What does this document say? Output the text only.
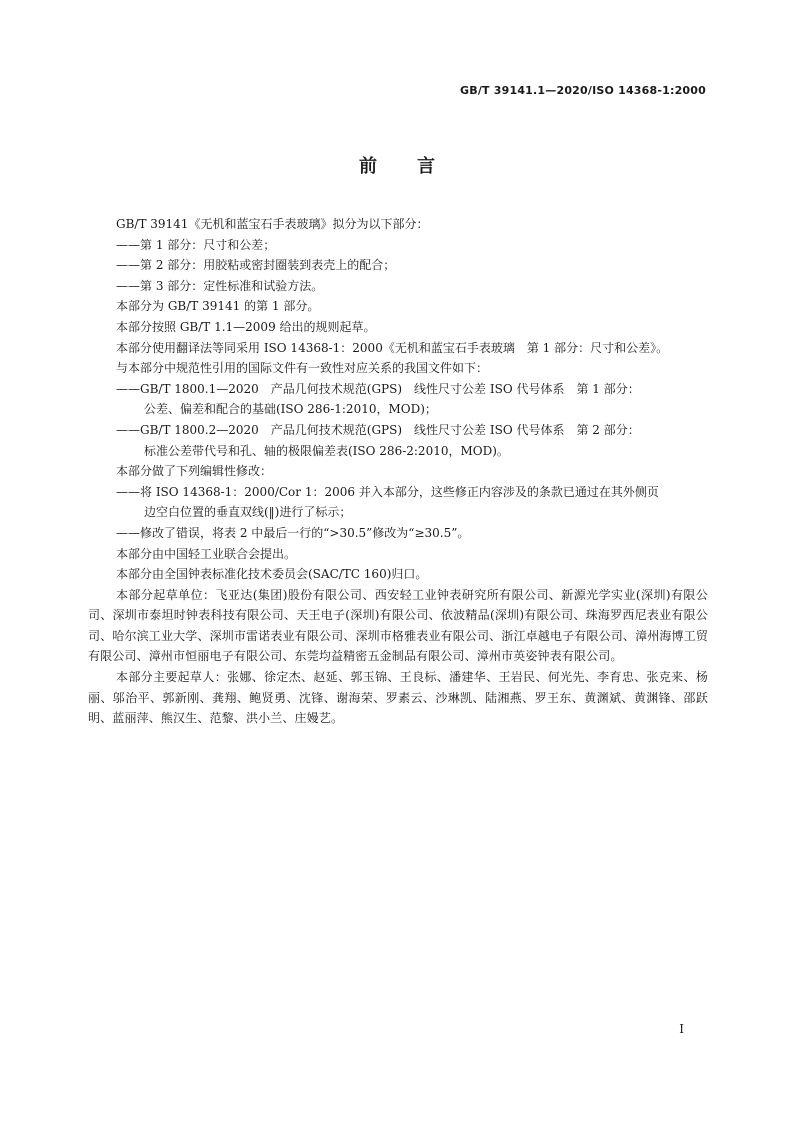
GB/T 39141.1—2020/ISO 14368-1:2000
前言

GB/T 39141《无机和蓝宝石手表玻璃》拟分为以下部分：

——第 1 部分：尺寸和公差；

——第 2 部分：用胶粘或密封圈装到表壳上的配合；

——第 3 部分：定性标准和试验方法。

本部分为 GB/T 39141 的第 1 部分。

本部分按照 GB/T 1.1—2009 给出的规则起草。

本部分使用翻译法等同采用 ISO 14368-1：2000《无机和蓝宝石手表玻璃　第 1 部分：尺寸和公差》。

与本部分中规范性引用的国际文件有一致性对应关系的我国文件如下：

——GB/T 1800.1—2020　产品几何技术规范(GPS)　线性尺寸公差 ISO 代号体系　第 1 部分：

公差、偏差和配合的基础(ISO 286-1:2010，MOD)；

——GB/T 1800.2—2020　产品几何技术规范(GPS)　线性尺寸公差 ISO 代号体系　第 2 部分：

标准公差带代号和孔、轴的极限偏差表(ISO 286-2:2010，MOD)。

本部分做了下列编辑性修改：

——将 ISO 14368-1：2000/Cor 1：2006 并入本部分，这些修正内容涉及的条款已通过在其外侧页

边空白位置的垂直双线(‖)进行了标示；

——修改了错误，将表 2 中最后一行的“>30.5”修改为“≥30.5”。

本部分由中国轻工业联合会提出。

本部分由全国钟表标准化技术委员会(SAC/TC 160)归口。

本部分起草单位：飞亚达(集团)股份有限公司、西安轻工业钟表研究所有限公司、新源光学实业(深圳)有限公司、深圳市泰坦时钟表科技有限公司、天王电子(深圳)有限公司、依波精品(深圳)有限公司、珠海罗西尼表业有限公司、哈尔滨工业大学、深圳市雷诺表业有限公司、深圳市格雅表业有限公司、浙江卓越电子有限公司、漳州海博工贸有限公司、漳州市恒丽电子有限公司、东莞均益精密五金制品有限公司、漳州市英姿钟表有限公司。

本部分主要起草人：张娜、徐定杰、赵延、郭玉锦、王良标、潘建华、王岩民、何光先、李育忠、张克来、杨丽、邬治平、郭新刚、龚翔、鲍贤勇、沈锋、谢海荣、罗素云、沙琳凯、陆湘燕、罗王东、黄渊斌、黄渊锋、邵跃明、蓝丽萍、熊汉生、范黎、洪小兰、庄嫚艺。

I
